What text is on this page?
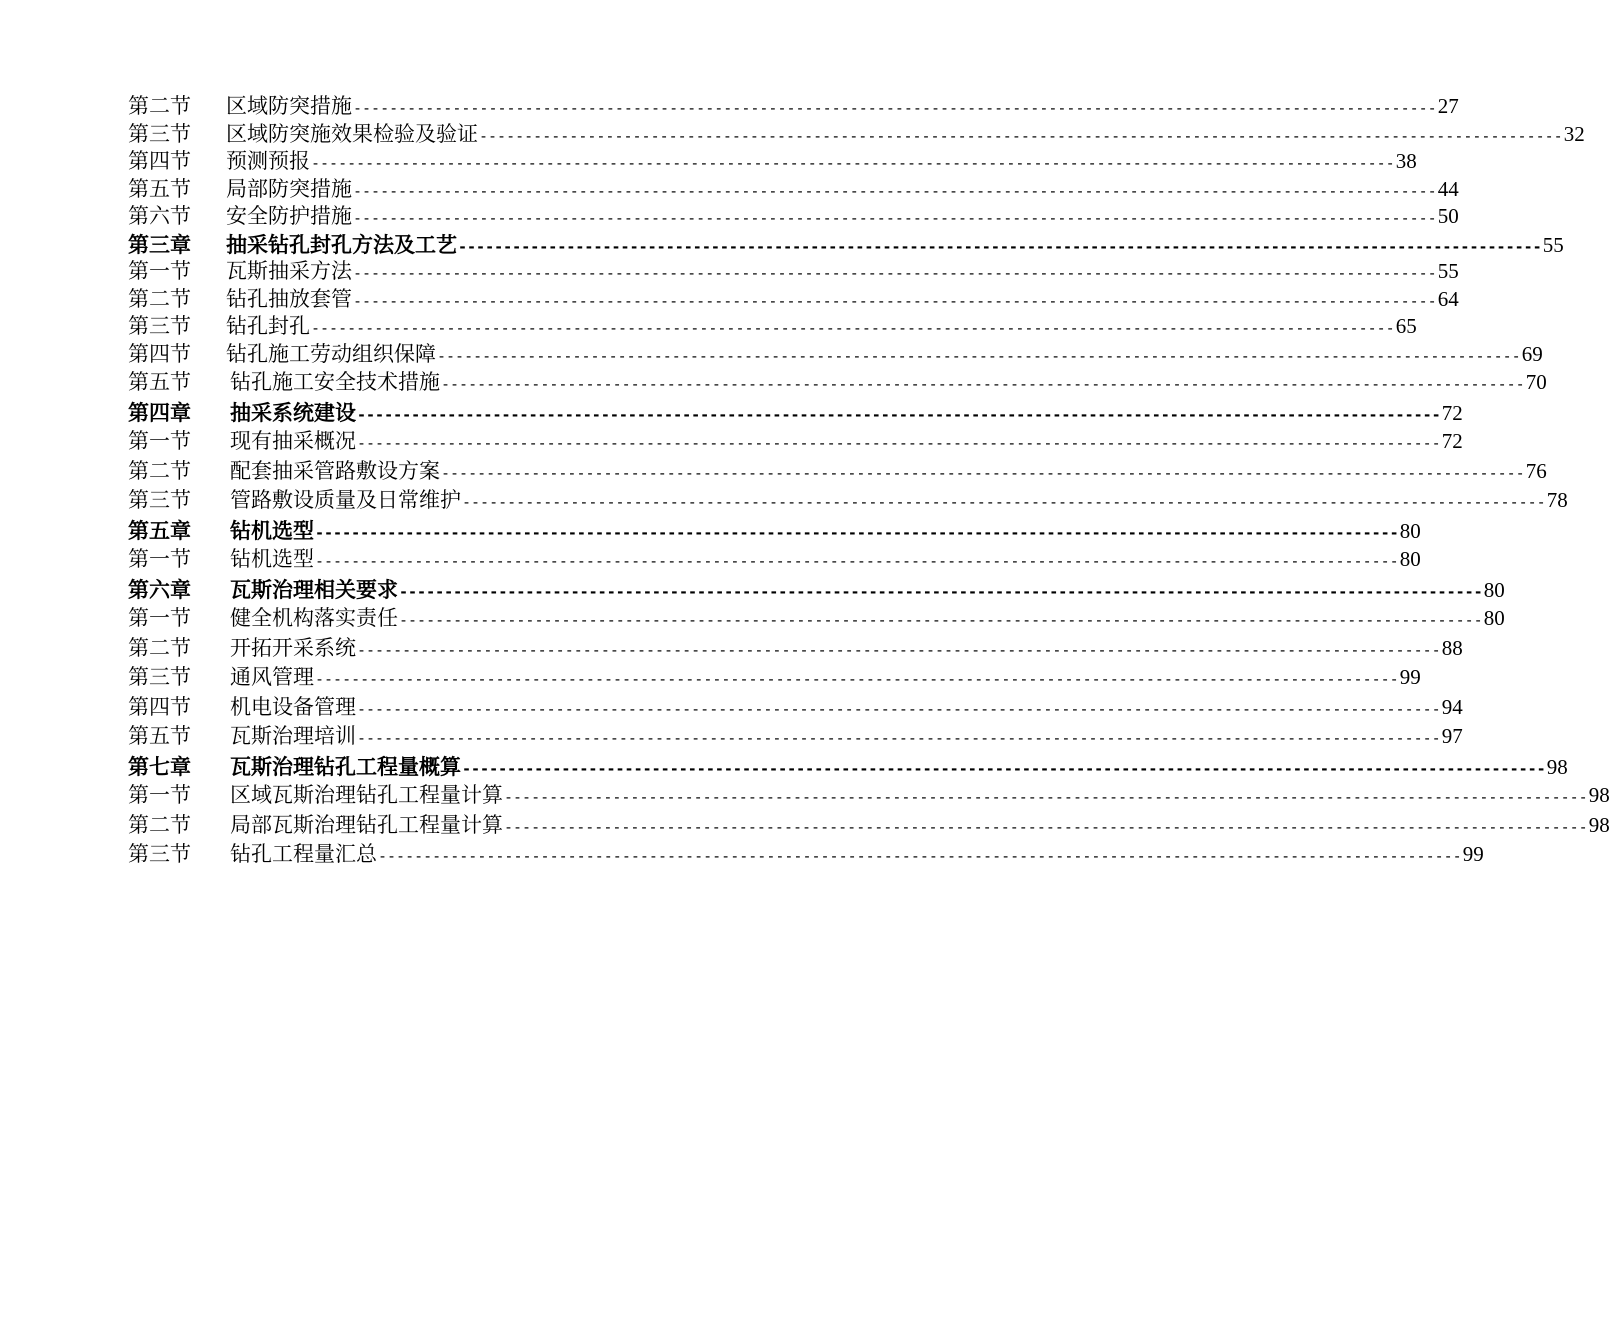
第二节	区域防突措施 ------------------------------------------------------------------------------------------------------------------------ 27
第三节	区域防突施效果检验及验证 ------------------------------------------------------------------------------------------------------------------------ 32
第四节	预测预报 ------------------------------------------------------------------------------------------------------------------------ 38
第五节	局部防突措施 ------------------------------------------------------------------------------------------------------------------------ 44
第六节	安全防护措施 ------------------------------------------------------------------------------------------------------------------------ 50
第三章	抽采钻孔封孔方法及工艺 ------------------------------------------------------------------------------------------------------------------------ 55
第一节	瓦斯抽采方法 ------------------------------------------------------------------------------------------------------------------------ 55
第二节	钻孔抽放套管 ------------------------------------------------------------------------------------------------------------------------ 64
第三节	钻孔封孔 ------------------------------------------------------------------------------------------------------------------------ 65
第四节	钻孔施工劳动组织保障 ------------------------------------------------------------------------------------------------------------------------ 69
第五节	钻孔施工安全技术措施 ------------------------------------------------------------------------------------------------------------------------ 70
第四章	抽采系统建设 ------------------------------------------------------------------------------------------------------------------------ 72
第一节	现有抽采概况 ------------------------------------------------------------------------------------------------------------------------ 72
第二节	配套抽采管路敷设方案 ------------------------------------------------------------------------------------------------------------------------ 76
第三节	管路敷设质量及日常维护 ------------------------------------------------------------------------------------------------------------------------ 78
第五章	钻机选型 ------------------------------------------------------------------------------------------------------------------------ 80
第一节	钻机选型 ------------------------------------------------------------------------------------------------------------------------ 80
第六章	瓦斯治理相关要求 ------------------------------------------------------------------------------------------------------------------------ 80
第一节	健全机构落实责任 ------------------------------------------------------------------------------------------------------------------------ 80
第二节	开拓开采系统 ------------------------------------------------------------------------------------------------------------------------ 88
第三节	通风管理 ------------------------------------------------------------------------------------------------------------------------ 99
第四节	机电设备管理 ------------------------------------------------------------------------------------------------------------------------ 94
第五节	瓦斯治理培训 ------------------------------------------------------------------------------------------------------------------------ 97
第七章	瓦斯治理钻孔工程量概算 ------------------------------------------------------------------------------------------------------------------------ 98
第一节	区域瓦斯治理钻孔工程量计算 ------------------------------------------------------------------------------------------------------------------------ 98
第二节	局部瓦斯治理钻孔工程量计算 ------------------------------------------------------------------------------------------------------------------------ 98
第三节	钻孔工程量汇总 ------------------------------------------------------------------------------------------------------------------------ 99
